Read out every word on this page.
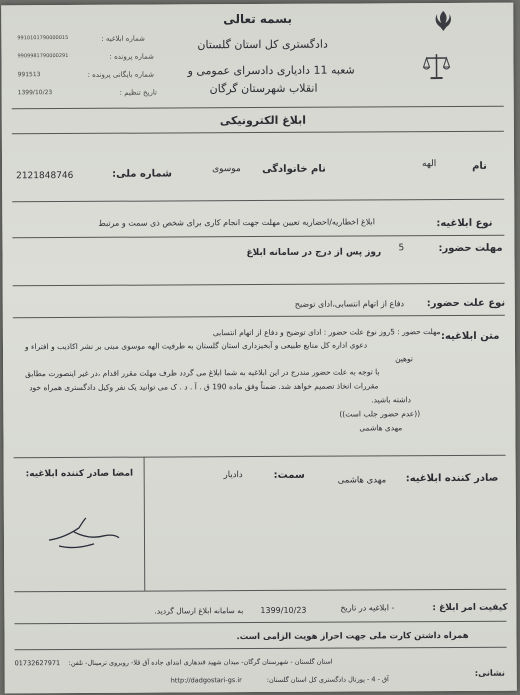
بسمه تعالی
دادگستری کل استان گلستان
شعبه 11 دادیاری دادسرای عمومی و
انقلاب شهرستان گرگان
شماره ابلاغیه :
9910101790000015
شماره پرونده :
9909981790000291
شماره بایگانی پرونده :
991513
تاریخ تنظیم :
1399/10/23
ابلاغ الکترونیکی
نام
الهه
نام خانوادگی
موسوی
شماره ملی:
2121848746
نوع ابلاغیه:
ابلاغ اخطاریه/احضاریه تعیین مهلت جهت انجام کاری برای شخص ذی سمت و مرتبط
مهلت حضور:
5
روز پس از درج در سامانه ابلاغ
نوع علت حضور:
دفاع از اتهام انتسابی،ادای توضیح
متن ابلاغیه:
مهلت حضور : 5روز نوع علت حضور : ادای توضیح و دفاع از اتهام انتسابی
دعوی اداره کل منابع طبیعی و آبخیزداری استان گلستان به طرفیت الهه موسوی مبنی بر نشر اکاذیب و افتراء و
توهین
با توجه به علت حضور مندرج در این ابلاغیه به شما ابلاغ می گردد ظرف مهلت مقرر اقدام ،در غیر اینصورت مطابق
مقررات اتخاذ تصمیم خواهد شد. ضمناً وفق ماده 190 ق . آ . د . ک می توانید یک نفر وکیل دادگستری همراه خود
داشته باشید.
((عدم حضور جلب است))
مهدی هاشمی
صادر کننده ابلاغیه:
مهدی هاشمی
سمت:
دادیار
امضا صادر کننده ابلاغیه:
کیفیت امر ابلاغ :
- ابلاغیه در تاریخ
1399/10/23
به سامانه ابلاغ ارسال گردید.
همراه داشتن کارت ملی جهت احراز هویت الزامی است.
نشانی:
استان گلستان - شهرستان گرگان- میدان شهید قندهاری ابتدای جاده آق قلا- روبروی ترمینال- تلفن:
01732627971
آق - 4 - پورتال دادگستری کل استان گلستان:
http://dadgostari-gs.ir
